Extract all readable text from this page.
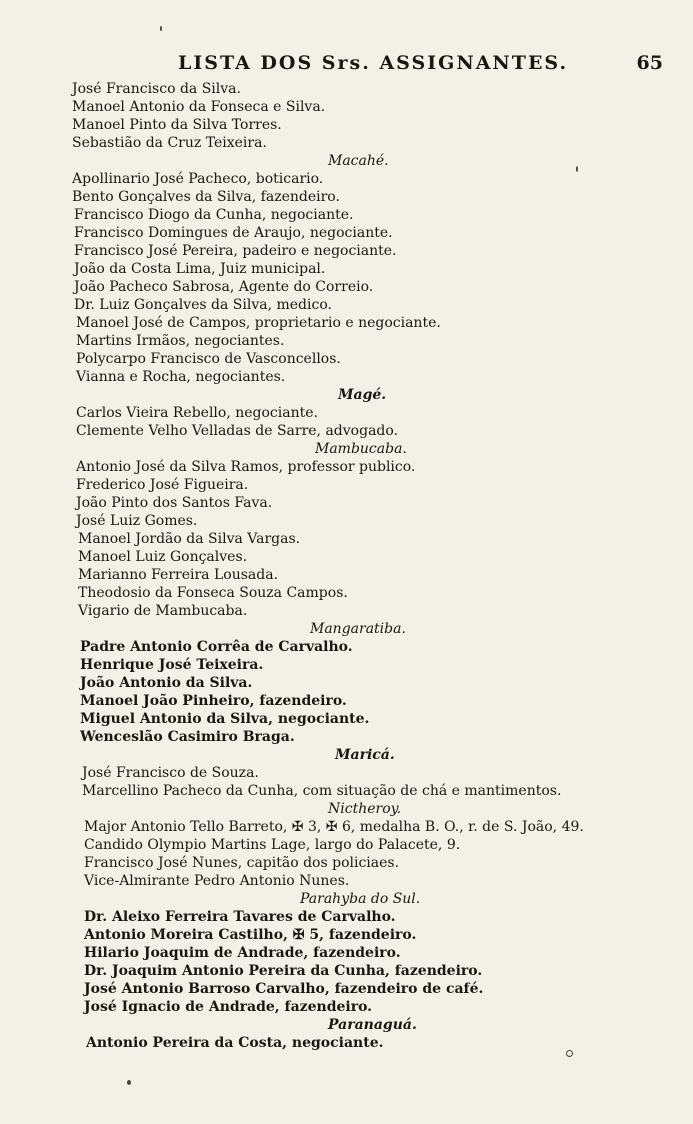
LISTA DOS Srs. ASSIGNANTES.	65
José Francisco da Silva.
Manoel Antonio da Fonseca e Silva.
Manoel Pinto da Silva Torres.
Sebastião da Cruz Teixeira.
Macahé.
Apollinario José Pacheco, boticario.
Bento Gonçalves da Silva, fazendeiro.
Francisco Diogo da Cunha, negociante.
Francisco Domingues de Araujo, negociante.
Francisco José Pereira, padeiro e negociante.
João da Costa Lima, Juiz municipal.
João Pacheco Sabrosa, Agente do Correio.
Dr. Luiz Gonçalves da Silva, medico.
Manoel José de Campos, proprietario e negociante.
Martins Irmãos, negociantes.
Polycarpo Francisco de Vasconcellos.
Vianna e Rocha, negociantes.
Magé.
Carlos Vieira Rebello, negociante.
Clemente Velho Velladas de Sarre, advogado.
Mambucaba.
Antonio José da Silva Ramos, professor publico.
Frederico José Figueira.
João Pinto dos Santos Fava.
José Luiz Gomes.
Manoel Jordão da Silva Vargas.
Manoel Luiz Gonçalves.
Marianno Ferreira Lousada.
Theodosio da Fonseca Souza Campos.
Vigario de Mambucaba.
Mangaratiba.
Padre Antonio Corrêa de Carvalho.
Henrique José Teixeira.
João Antonio da Silva.
Manoel João Pinheiro, fazendeiro.
Miguel Antonio da Silva, negociante.
Wenceslão Casimiro Braga.
Maricá.
José Francisco de Souza.
Marcellino Pacheco da Cunha, com situação de chá e mantimentos.
Nictheroy.
Major Antonio Tello Barreto, ✠ 3, ✠ 6, medalha B. O., r. de S. João, 49.
Candido Olympio Martins Lage, largo do Palacete, 9.
Francisco José Nunes, capitão dos policiaes.
Vice-Almirante Pedro Antonio Nunes.
Parahyba do Sul.
Dr. Aleixo Ferreira Tavares de Carvalho.
Antonio Moreira Castilho, ✠ 5, fazendeiro.
Hilario Joaquim de Andrade, fazendeiro.
Dr. Joaquim Antonio Pereira da Cunha, fazendeiro.
José Antonio Barroso Carvalho, fazendeiro de café.
José Ignacio de Andrade, fazendeiro.
Paranaguá.
Antonio Pereira da Costa, negociante.
